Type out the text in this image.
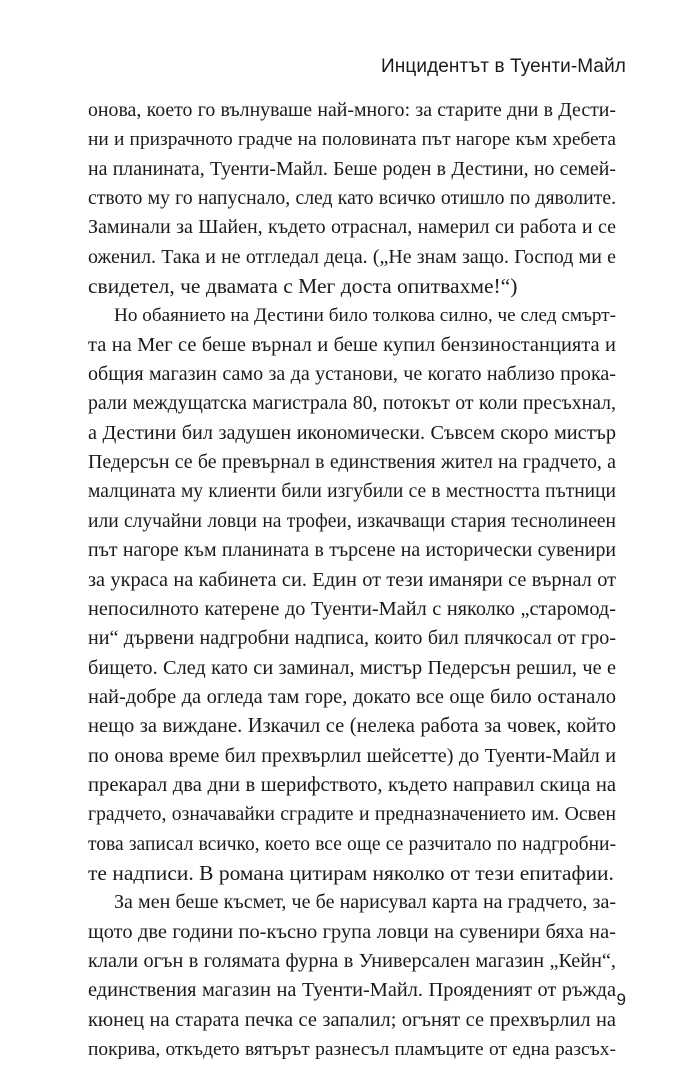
Инцидентът в Туенти-Майл
онова, което го вълнуваше най-много: за старите дни в Дести-
ни и призрачното градче на половината път нагоре към хребета
на планината, Туенти-Майл. Беше роден в Дестини, но семей-
ството му го напуснало, след като всичко отишло по дяволите.
Заминали за Шайен, където отраснал, намерил си работа и се
оженил. Така и не отгледал деца. („Не знам защо. Господ ми е
свидетел, че двамата с Мег доста опитвахме!“)
Но обаянието на Дестини било толкова силно, че след смърт-
та на Мег се беше върнал и беше купил бензиностанцията и
общия магазин само за да установи, че когато наблизо прока-
рали междущатска магистрала 80, потокът от коли пресъхнал,
а Дестини бил задушен икономически. Съвсем скоро мистър
Педерсън се бе превърнал в единствения жител на градчето, а
малцината му клиенти били изгубили се в местността пътници
или случайни ловци на трофеи, изкачващи стария теснолинеен
път нагоре към планината в търсене на исторически сувенири
за украса на кабинета си. Един от тези иманяри се върнал от
непосилното катерене до Туенти-Майл с няколко „старомод-
ни“ дървени надгробни надписа, които бил плячкосал от гро-
бището. След като си заминал, мистър Педерсън решил, че е
най-добре да огледа там горе, докато все още било останало
нещо за виждане. Изкачил се (нелека работа за човек, който
по онова време бил прехвърлил шейсетте) до Туенти-Майл и
прекарал два дни в шерифството, където направил скица на
градчето, означавайки сградите и предназначението им. Освен
това записал всичко, което все още се разчитало по надгробни-
те надписи. В романа цитирам няколко от тези епитафии.
За мен беше късмет, че бе нарисувал карта на градчето, за-
щото две години по-късно група ловци на сувенири бяха на-
клали огън в голямата фурна в Универсален магазин „Кейн“,
единствения магазин на Туенти-Майл. Прояденият от ръжда
кюнец на старата печка се запалил; огънят се прехвърлил на
покрива, откъдето вятърът разнесъл пламъците от една разсъх-
9
